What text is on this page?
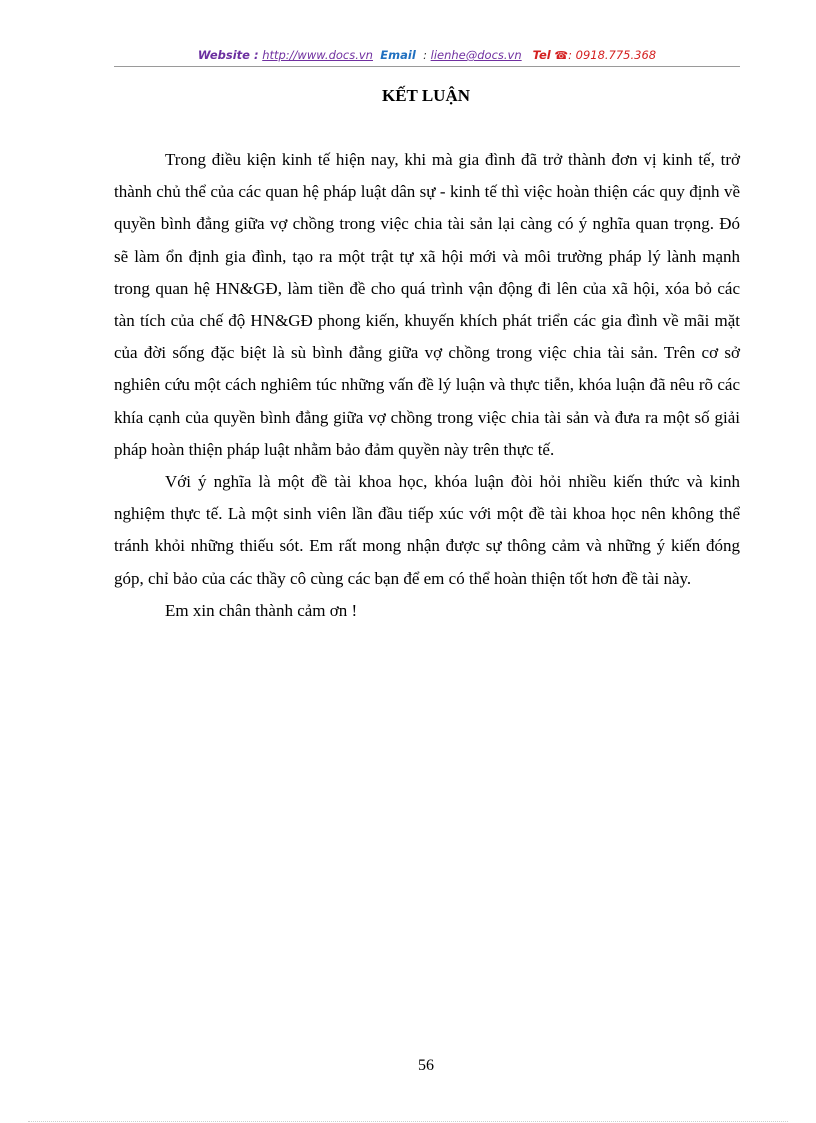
Website : http://www.docs.vn Email : lienhe@docs.vn Tel ☎: 0918.775.368
KẾT LUẬN

Trong điều kiện kinh tế hiện nay, khi mà gia đình đã trở thành đơn vị kinh tế, trở thành chủ thể của các quan hệ pháp luật dân sự - kinh tế thì việc hoàn thiện các quy định về quyền bình đẳng giữa vợ chồng trong việc chia tài sản lại càng có ý nghĩa quan trọng. Đó sẽ làm ổn định gia đình, tạo ra một trật tự xã hội mới và môi trường pháp lý lành mạnh trong quan hệ HN&GĐ, làm tiền đề cho quá trình vận động đi lên của xã hội, xóa bỏ các tàn tích của chế độ HN&GĐ phong kiến, khuyến khích phát triển các gia đình về mãi mặt của đời sống đặc biệt là sù bình đẳng giữa vợ chồng trong việc chia tài sản. Trên cơ sở nghiên cứu một cách nghiêm túc những vấn đề lý luận và thực tiễn, khóa luận đã nêu rõ các khía cạnh của quyền bình đẳng giữa vợ chồng trong việc chia tài sản và đưa ra một số giải pháp hoàn thiện pháp luật nhằm bảo đảm quyền này trên thực tế.

Với ý nghĩa là một đề tài khoa học, khóa luận đòi hỏi nhiều kiến thức và kinh nghiệm thực tế. Là một sinh viên lần đầu tiếp xúc với một đề tài khoa học nên không thể tránh khỏi những thiếu sót. Em rất mong nhận được sự thông cảm và những ý kiến đóng góp, chỉ bảo của các thầy cô cùng các bạn để em có thể hoàn thiện tốt hơn đề tài này.

Em xin chân thành cảm ơn !

56
